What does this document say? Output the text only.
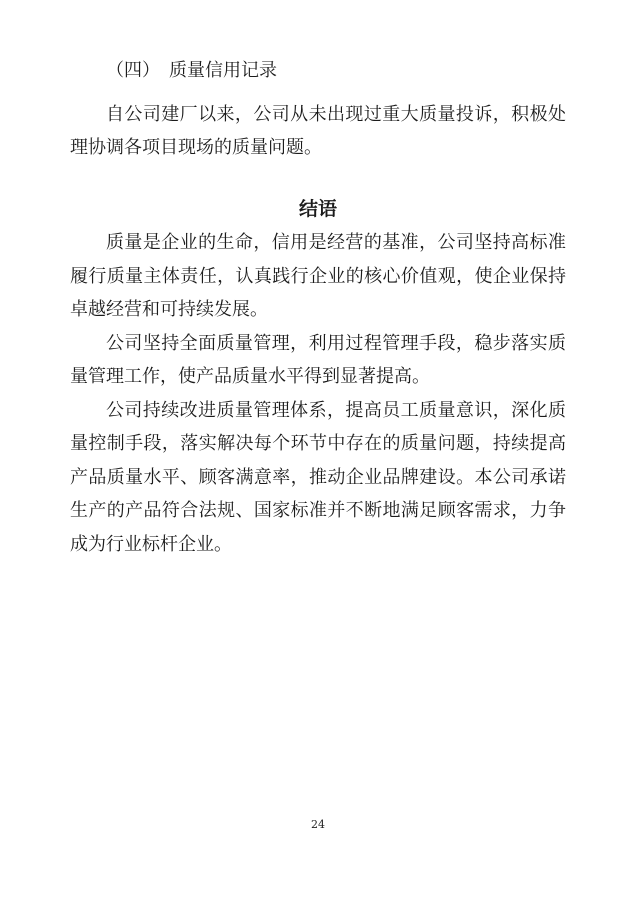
（四）　质量信用记录

自公司建厂以来，公司从未出现过重大质量投诉，积极处理协调各项目现场的质量问题。

结语

质量是企业的生命，信用是经营的基准，公司坚持高标准履行质量主体责任，认真践行企业的核心价值观，使企业保持卓越经营和可持续发展。

公司坚持全面质量管理，利用过程管理手段，稳步落实质量管理工作，使产品质量水平得到显著提高。

公司持续改进质量管理体系，提高员工质量意识，深化质量控制手段，落实解决每个环节中存在的质量问题，持续提高产品质量水平、顾客满意率，推动企业品牌建设。本公司承诺生产的产品符合法规、国家标准并不断地满足顾客需求，力争成为行业标杆企业。

24
